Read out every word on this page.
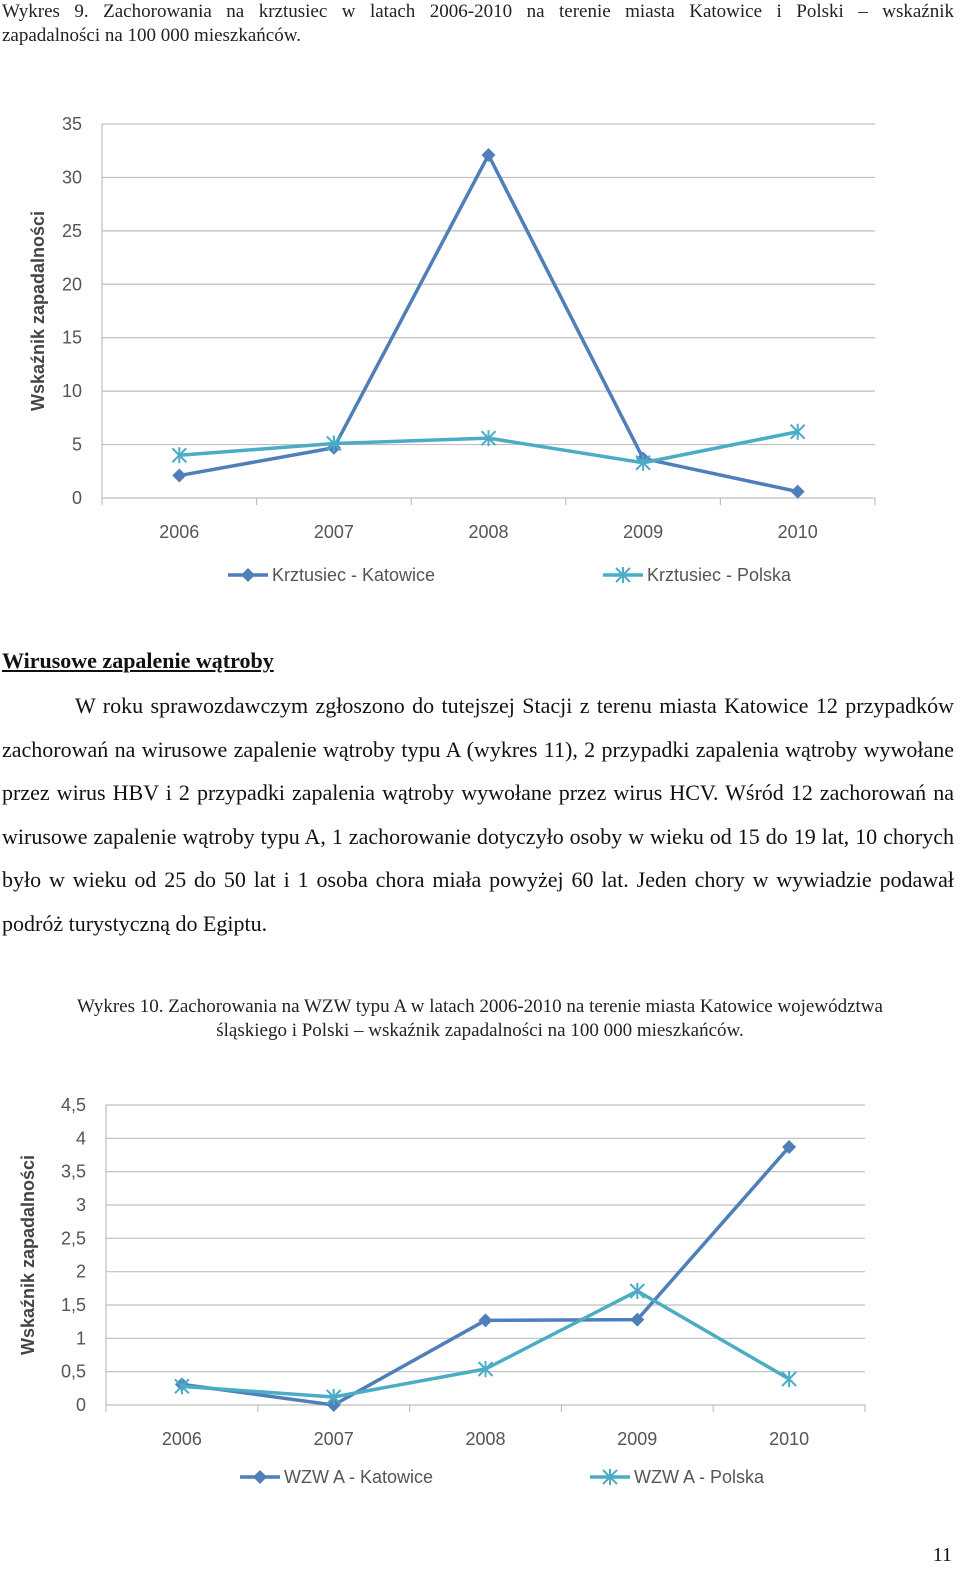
Wykres 9. Zachorowania na krztusiec w latach 2006-2010 na terenie miasta Katowice i Polski – wskaźnik
zapadalności na 100 000 mieszkańców.
0
5
10
15
20
25
30
35
2006	2007	2008	2009	2010
Wskaźnik zapadalności
Krztusiec - Katowice	Krztusiec - Polska
Wirusowe zapalenie wątroby
W roku sprawozdawczym zgłoszono do tutejszej Stacji z terenu miasta Katowice 12 przypadków zachorowań na wirusowe zapalenie wątroby typu A (wykres 11), 2 przypadki zapalenia wątroby wywołane przez wirus HBV i 2 przypadki zapalenia wątroby wywołane przez wirus HCV. Wśród 12 zachorowań na wirusowe zapalenie wątroby typu A, 1 zachorowanie dotyczyło osoby w wieku od 15 do 19 lat, 10 chorych było w wieku od 25 do 50 lat i 1 osoba chora miała powyżej 60 lat. Jeden chory w wywiadzie podawał podróż turystyczną do Egiptu.
Wykres 10. Zachorowania na WZW typu A w latach 2006-2010 na terenie miasta Katowice województwa
śląskiego i Polski – wskaźnik zapadalności na 100 000 mieszkańców.
0
0,5
1
1,5
2
2,5
3
3,5
4
4,5
2006	2007	2008	2009	2010
Wskaźnik zapadalności
WZW A - Katowice	WZW A - Polska
11
